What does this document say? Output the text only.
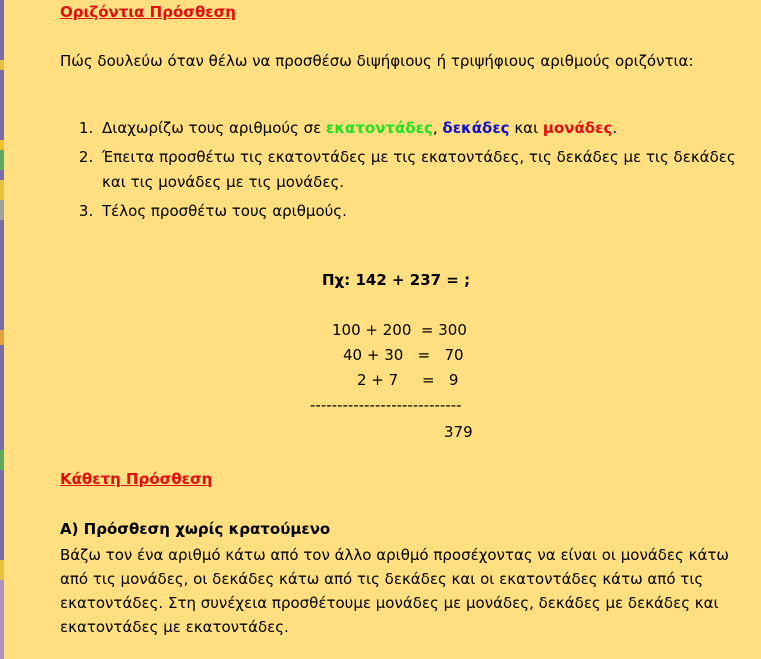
Οριζόντια Πρόσθεση
Πώς δουλεύω όταν θέλω να προσθέσω διψήφιους ή τριψήφιους αριθμούς οριζόντια:
1. Διαχωρίζω τους αριθμούς σε εκατοντάδες, δεκάδες και μονάδες.
2. Έπειτα προσθέτω τις εκατοντάδες με τις εκατοντάδες, τις δεκάδες με τις δεκάδες και τις μονάδες με τις μονάδες.
3. Τέλος προσθέτω τους αριθμούς.
Πχ: 142 + 237 = ;
100 + 200  = 300
40 + 30   =   70
2 + 7     =   9
----------------------------
379
Κάθετη Πρόσθεση
Α) Πρόσθεση χωρίς κρατούμενο
Βάζω τον ένα αριθμό κάτω από τον άλλο αριθμό προσέχοντας να είναι οι μονάδες κάτω από τις μονάδες, οι δεκάδες κάτω από τις δεκάδες και οι εκατοντάδες κάτω από τις εκατοντάδες. Στη συνέχεια προσθέτουμε μονάδες με μονάδες, δεκάδες με δεκάδες και εκατοντάδες με εκατοντάδες.
